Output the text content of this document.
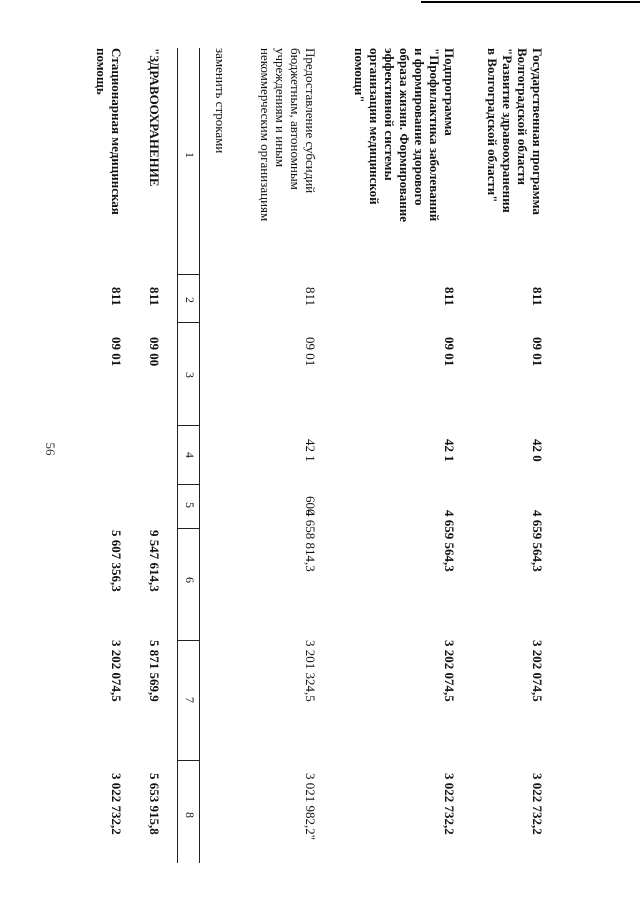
56
Государственная программа Волгоградской области "Развитие здравоохранения в Волгоградской области"
811
09 01
42 0
4 659 564,3
3 202 074,5
3 022 732,2
Подпрограмма "Профилактика заболеваний и формирование здорового образа жизни. Формирование эффективной системы организации медицинской помощи"
811
09 01
42 1
4 659 564,3
3 202 074,5
3 022 732,2
Предоставление субсидий бюджетным, автономным учреждениям и иным некоммерческим организациям
811
09 01
42 1
600
4 658 814,3
3 201 324,5
3 021 982,2"
заменить строками
1
2
3
4
5
6
7
8
"ЗДРАВООХРАНЕНИЕ
811
09 00
9 547 614,3
5 871 569,9
5 653 915,8
Стационарная медицинская помощь
811
09 01
5 607 356,3
3 202 074,5
3 022 732,2
